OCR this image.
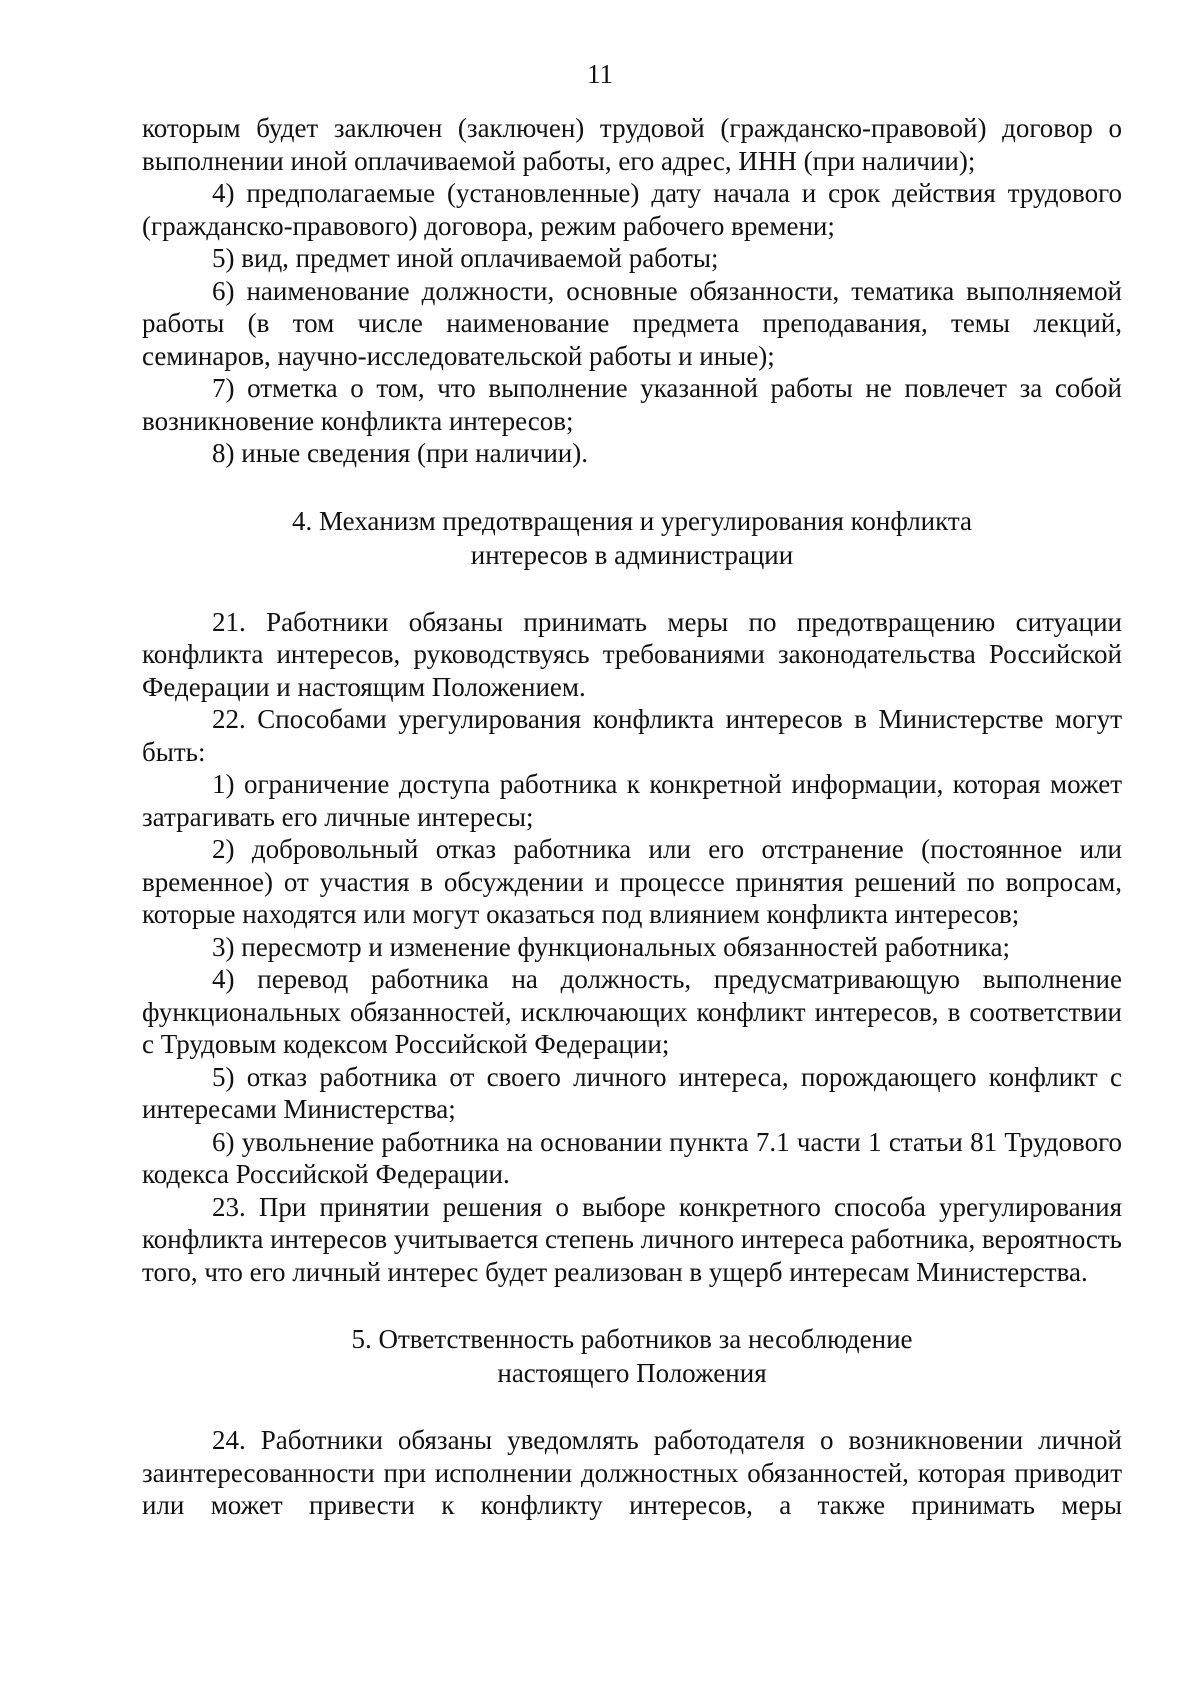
11

которым будет заключен (заключен) трудовой (гражданско-правовой) договор о выполнении иной оплачиваемой работы, его адрес, ИНН (при наличии);

4) предполагаемые (установленные) дату начала и срок действия трудового (гражданско-правового) договора, режим рабочего времени;

5) вид, предмет иной оплачиваемой работы;

6) наименование должности, основные обязанности, тематика выполняемой работы (в том числе наименование предмета преподавания, темы лекций, семинаров, научно-исследовательской работы и иные);

7) отметка о том, что выполнение указанной работы не повлечет за собой возникновение конфликта интересов;

8) иные сведения (при наличии).

4. Механизм предотвращения и урегулирования конфликта
интересов в администрации

21. Работники обязаны принимать меры по предотвращению ситуации конфликта интересов, руководствуясь требованиями законодательства Российской Федерации и настоящим Положением.

22. Способами урегулирования конфликта интересов в Министерстве могут быть:

1) ограничение доступа работника к конкретной информации, которая может затрагивать его личные интересы;

2) добровольный отказ работника или его отстранение (постоянное или временное) от участия в обсуждении и процессе принятия решений по вопросам, которые находятся или могут оказаться под влиянием конфликта интересов;

3) пересмотр и изменение функциональных обязанностей работника;

4) перевод работника на должность, предусматривающую выполнение функциональных обязанностей, исключающих конфликт интересов, в соответствии с Трудовым кодексом Российской Федерации;

5) отказ работника от своего личного интереса, порождающего конфликт с интересами Министерства;

6) увольнение работника на основании пункта 7.1 части 1 статьи 81 Трудового кодекса Российской Федерации.

23. При принятии решения о выборе конкретного способа урегулирования конфликта интересов учитывается степень личного интереса работника, вероятность того, что его личный интерес будет реализован в ущерб интересам Министерства.

5. Ответственность работников за несоблюдение
настоящего Положения

24. Работники обязаны уведомлять работодателя о возникновении личной заинтересованности при исполнении должностных обязанностей, которая приводит или может привести к конфликту интересов, а также принимать меры
